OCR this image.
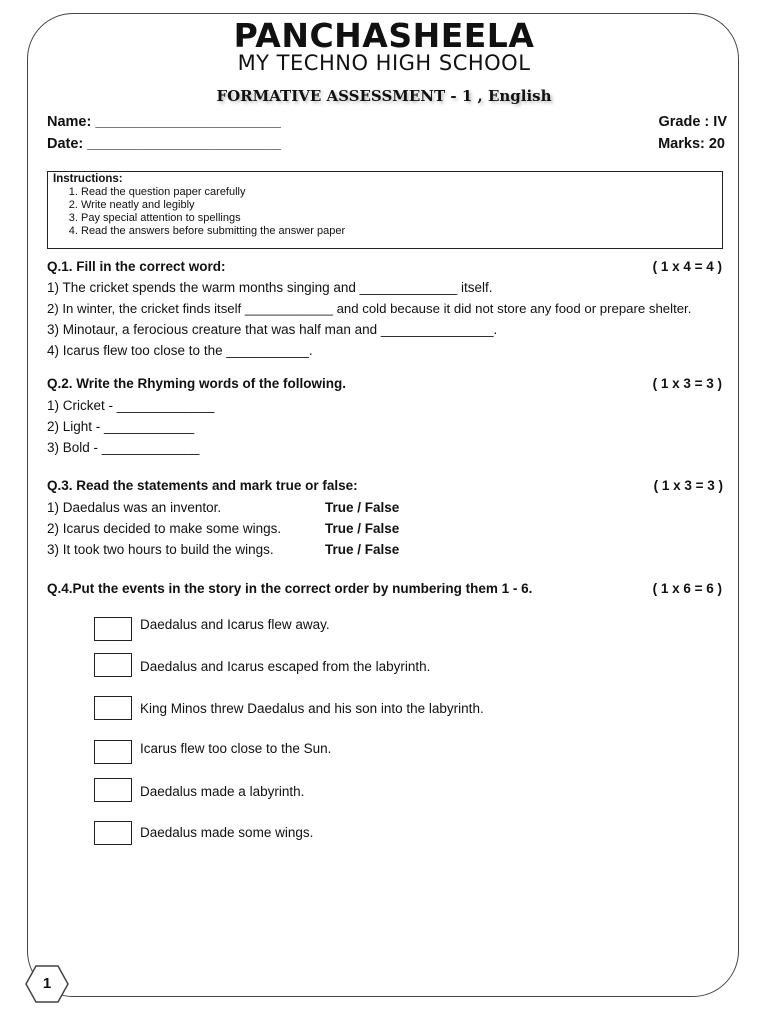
PANCHASHEELA
MY TECHNO HIGH SCHOOL
FORMATIVE ASSESSMENT - 1 , English
Name: _______________________
Date: ________________________
Grade : IV
Marks: 20
Instructions:
1. Read the question paper carefully
2. Write neatly and legibly
3. Pay special attention to spellings
4. Read the answers before submitting the answer paper
Q.1. Fill in the correct word:	( 1 x 4 = 4 )
1) The cricket spends the warm months singing and _____________ itself.
2) In winter, the cricket finds itself ____________ and cold because it did not store any food or prepare shelter.
3) Minotaur, a ferocious creature that was half man and _______________.
4) Icarus flew too close to the ___________.
Q.2. Write the Rhyming words of the following.	( 1 x 3 = 3 )
1) Cricket - _____________
2) Light - ____________
3) Bold - _____________
Q.3. Read the statements and mark true or false:	( 1 x 3 = 3 )
1) Daedalus was an inventor.	True / False
2) Icarus decided to make some wings.	True / False
3) It took two hours to build the wings.	True / False
Q.4.Put the events in the story in the correct order by numbering them 1 - 6.	( 1 x 6 = 6 )
Daedalus and Icarus flew away.
Daedalus and Icarus escaped from the labyrinth.
King Minos threw Daedalus and his son into the labyrinth.
Icarus flew too close to the Sun.
Daedalus made a labyrinth.
Daedalus made some wings.
1
